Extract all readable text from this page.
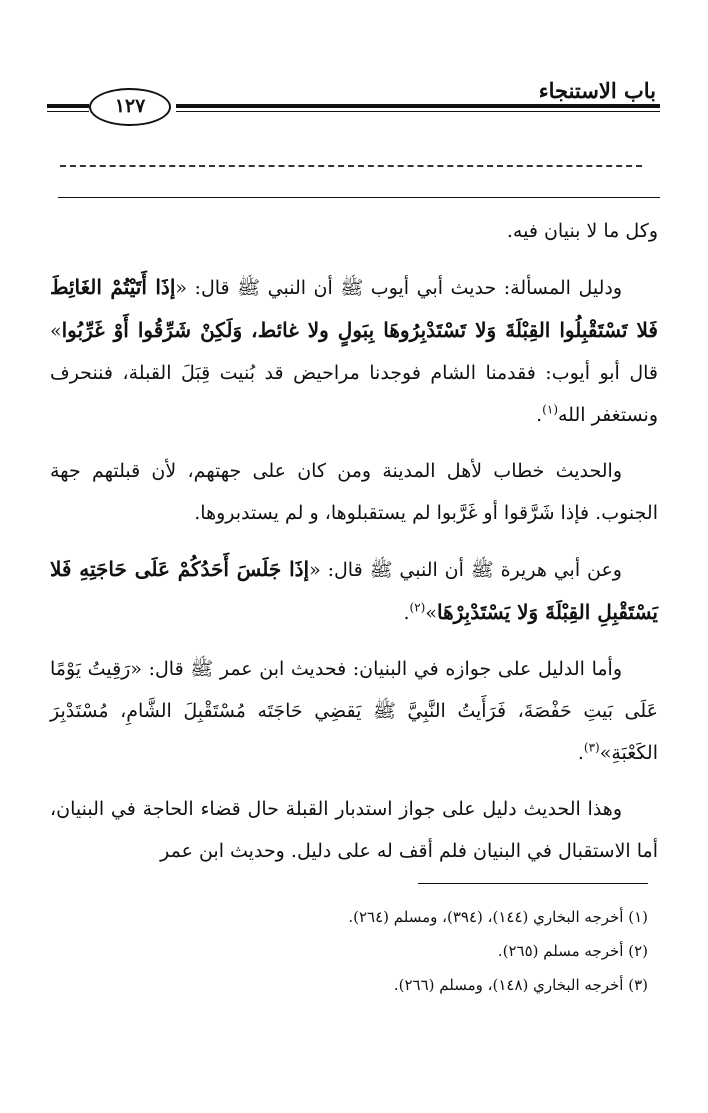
باب الاستنجاء
١٢٧

وكل ما لا بنيان فيه.

ودليل المسألة: حديث أبي أيوب ﷺ أن النبي ﷺ قال: «إذَا أَتَيْتُمْ الغَائِطَ فَلا تَسْتَقْبِلُوا القِبْلَةَ وَلا تَسْتَدْبِرُوهَا بِبَولٍ ولا غائط، وَلَكِنْ شَرِّقُوا أَوْ غَرِّبُوا» قال أبو أيوب: فقدمنا الشام فوجدنا مراحيض قد بُنيت قِبَلَ القبلة، فننحرف ونستغفر الله$^{(١)}$.

والحديث خطاب لأهل المدينة ومن كان على جهتهم، لأن قبلتهم جهة الجنوب. فإذا شَرَّقوا أو غَرَّبوا لم يستقبلوها، و لم يستدبروها.

وعن أبي هريرة ﷺ أن النبي ﷺ قال: «إذَا جَلَسَ أَحَدُكُمْ عَلَى حَاجَتِهِ فَلا يَسْتَقْبِلِ القِبْلَةَ وَلا يَسْتَدْبِرْهَا»$^{(٢)}$.

وأما الدليل على جوازه في البنيان: فحديث ابن عمر ﷺ قال: «رَقِيتُ يَوْمًا عَلَى بَيتِ حَفْصَةَ، فَرَأَيتُ النَّبِيَّ ﷺ يَقضِي حَاجَتَه مُسْتَقْبِلَ الشَّامِ، مُسْتَدْبِرَ الكَعْبَةِ»$^{(٣)}$.

وهذا الحديث دليل على جواز استدبار القبلة حال قضاء الحاجة في البنيان، أما الاستقبال في البنيان فلم أقف له على دليل. وحديث ابن عمر

(١) أخرجه البخاري (١٤٤)، (٣٩٤)، ومسلم (٢٦٤).
(٢) أخرجه مسلم (٢٦٥).
(٣) أخرجه البخاري (١٤٨)، ومسلم (٢٦٦).
